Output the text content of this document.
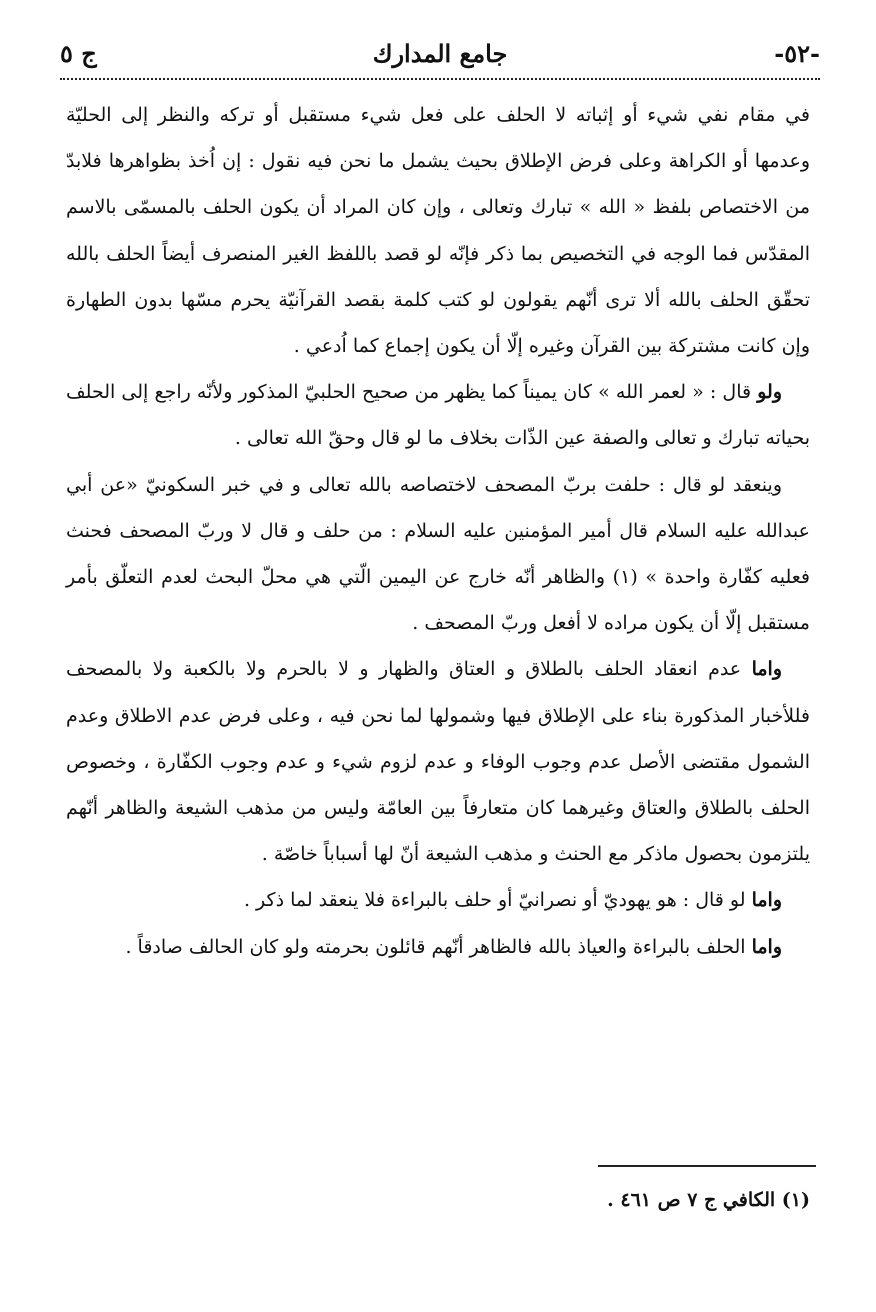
-٥٢-
جامع المدارك
ج ٥

في مقام نفي شيء أو إثباته لا الحلف على فعل شيء مستقبل أو تركه والنظر إلى الحليّة وعدمها أو الكراهة وعلى فرض الإطلاق بحيث يشمل ما نحن فيه نقول : إن اُخذ بظواهرها فلابدّ من الاختصاص بلفظ « الله » تبارك وتعالى ، وإن كان المراد أن يكون الحلف بالمسمّى بالاسم المقدّس فما الوجه في التخصيص بما ذكر فإنّه لو قصد باللفظ الغير المنصرف أيضاً الحلف بالله تحقّق الحلف بالله ألا ترى أنّهم يقولون لو كتب كلمة بقصد القرآنيّة يحرم مسّها بدون الطهارة وإن كانت مشتركة بين القرآن وغيره إلّا أن يكون إجماع كما اُدعي .

ولو قال : « لعمر الله » كان يميناً كما يظهر من صحيح الحلبيّ المذكور ولأنّه راجع إلى الحلف بحياته تبارك و تعالى والصفة عين الذّات بخلاف ما لو قال وحقّ الله تعالى .

وينعقد لو قال : حلفت بربّ المصحف لاختصاصه بالله تعالى و في خبر السكونيّ «عن أبي عبدالله عليه السلام قال أمير المؤمنين عليه السلام : من حلف و قال لا وربّ المصحف فحنث فعليه كفّارة واحدة » (١) والظاهر أنّه خارج عن اليمين الّتي هي محلّ البحث لعدم التعلّق بأمر مستقبل إلّا أن يكون مراده لا أفعل وربّ المصحف .

واما عدم انعقاد الحلف بالطلاق و العتاق والظهار و لا بالحرم ولا بالكعبة ولا بالمصحف فللأخبار المذكورة بناء على الإطلاق فيها وشمولها لما نحن فيه ، وعلى فرض عدم الاطلاق وعدم الشمول مقتضى الأصل عدم وجوب الوفاء و عدم لزوم شيء و عدم وجوب الكفّارة ، وخصوص الحلف بالطلاق والعتاق وغيرهما كان متعارفاً بين العامّة وليس من مذهب الشيعة والظاهر أنّهم يلتزمون بحصول ماذكر مع الحنث و مذهب الشيعة أنّ لها أسباباً خاصّة .

واما لو قال : هو يهوديّ أو نصرانيّ أو حلف بالبراءة فلا ينعقد لما ذكر .

واما الحلف بالبراءة والعياذ بالله فالظاهر أنّهم قائلون بحرمته ولو كان الحالف صادقاً .

(١) الكافي ج ٧ ص ٤٦١ .
